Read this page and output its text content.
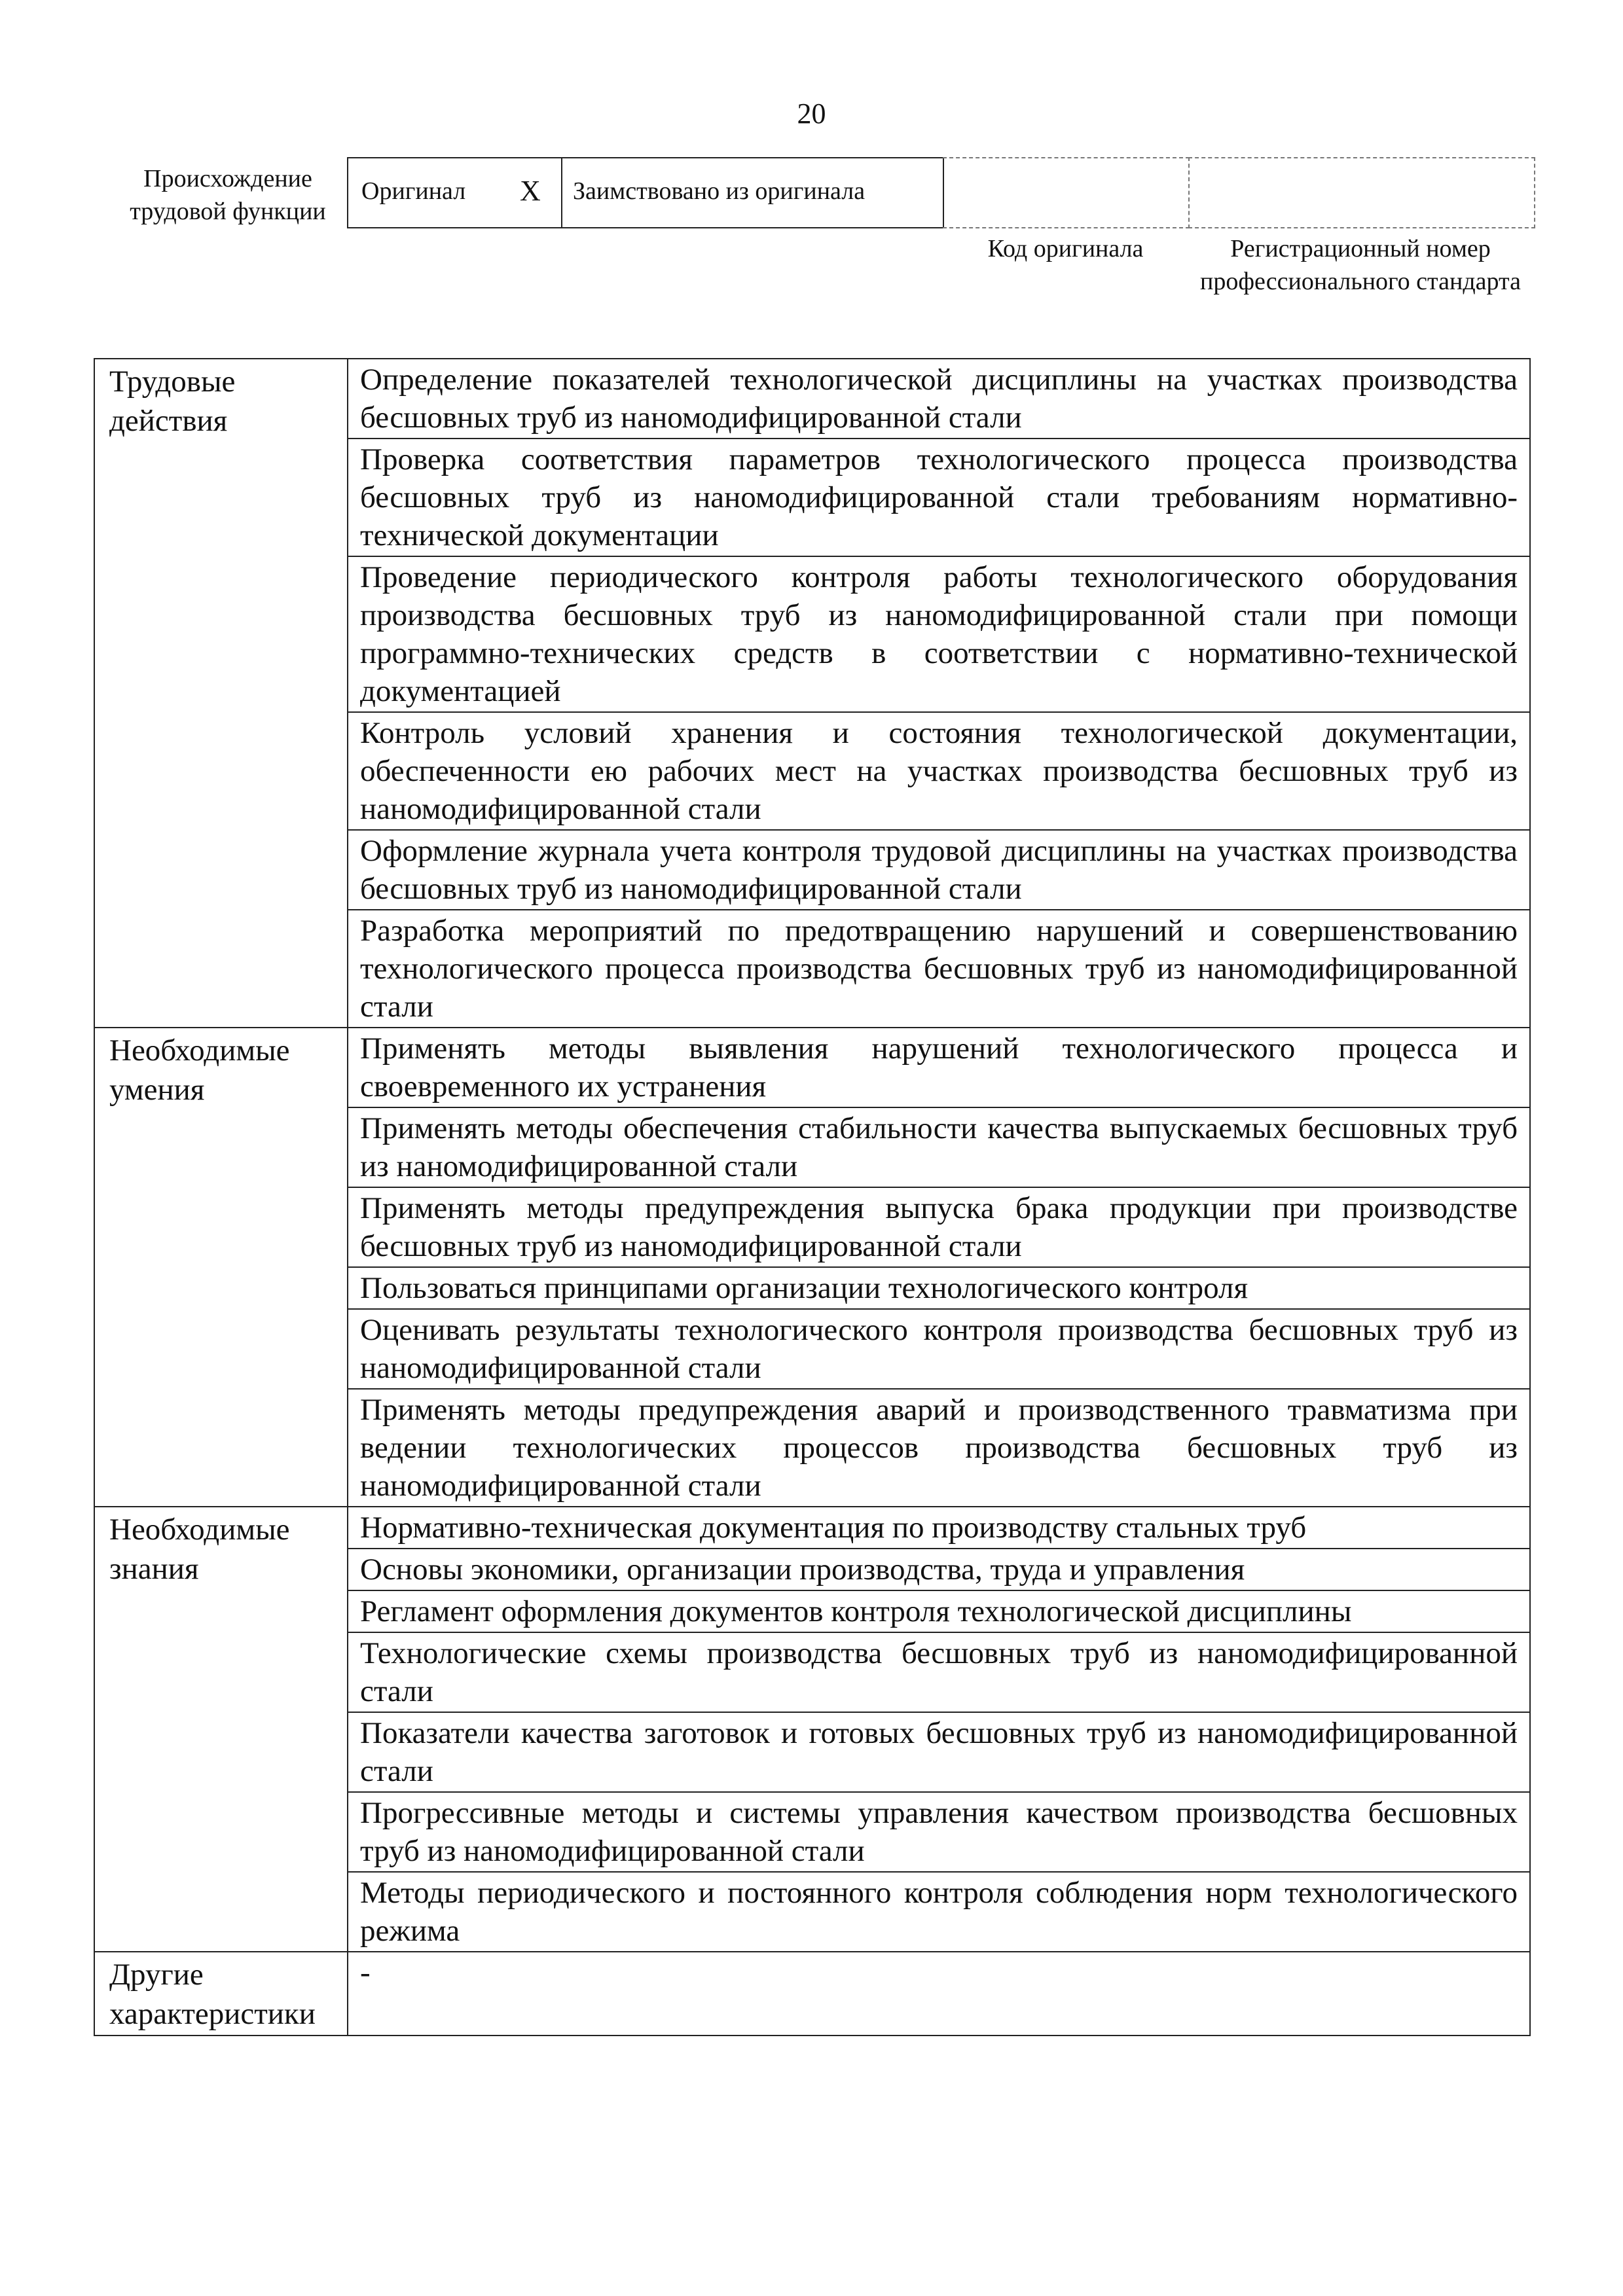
20
Происхождение трудовой функции
Оригинал X Заимствовано из оригинала
Код оригинала	Регистрационный номер профессионального стандарта
Трудовые действия	Определение показателей технологической дисциплины на участках производства бесшовных труб из наномодифицированной стали
	Проверка соответствия параметров технологического процесса производства бесшовных труб из наномодифицированной стали требованиям нормативно-технической документации
	Проведение периодического контроля работы технологического оборудования производства бесшовных труб из наномодифицированной стали при помощи программно-технических средств в соответствии с нормативно-технической документацией
	Контроль условий хранения и состояния технологической документации, обеспеченности ею рабочих мест на участках производства бесшовных труб из наномодифицированной стали
	Оформление журнала учета контроля трудовой дисциплины на участках производства бесшовных труб из наномодифицированной стали
	Разработка мероприятий по предотвращению нарушений и совершенствованию технологического процесса производства бесшовных труб из наномодифицированной стали
Необходимые умения	Применять методы выявления нарушений технологического процесса и своевременного их устранения
	Применять методы обеспечения стабильности качества выпускаемых бесшовных труб из наномодифицированной стали
	Применять методы предупреждения выпуска брака продукции при производстве бесшовных труб из наномодифицированной стали
	Пользоваться принципами организации технологического контроля
	Оценивать результаты технологического контроля производства бесшовных труб из наномодифицированной стали
	Применять методы предупреждения аварий и производственного травматизма при ведении технологических процессов производства бесшовных труб из наномодифицированной стали
Необходимые знания	Нормативно-техническая документация по производству стальных труб
	Основы экономики, организации производства, труда и управления
	Регламент оформления документов контроля технологической дисциплины
	Технологические схемы производства бесшовных труб из наномодифицированной стали
	Показатели качества заготовок и готовых бесшовных труб из наномодифицированной стали
	Прогрессивные методы и системы управления качеством производства бесшовных труб из наномодифицированной стали
	Методы периодического и постоянного контроля соблюдения норм технологического режима
Другие характеристики	-
